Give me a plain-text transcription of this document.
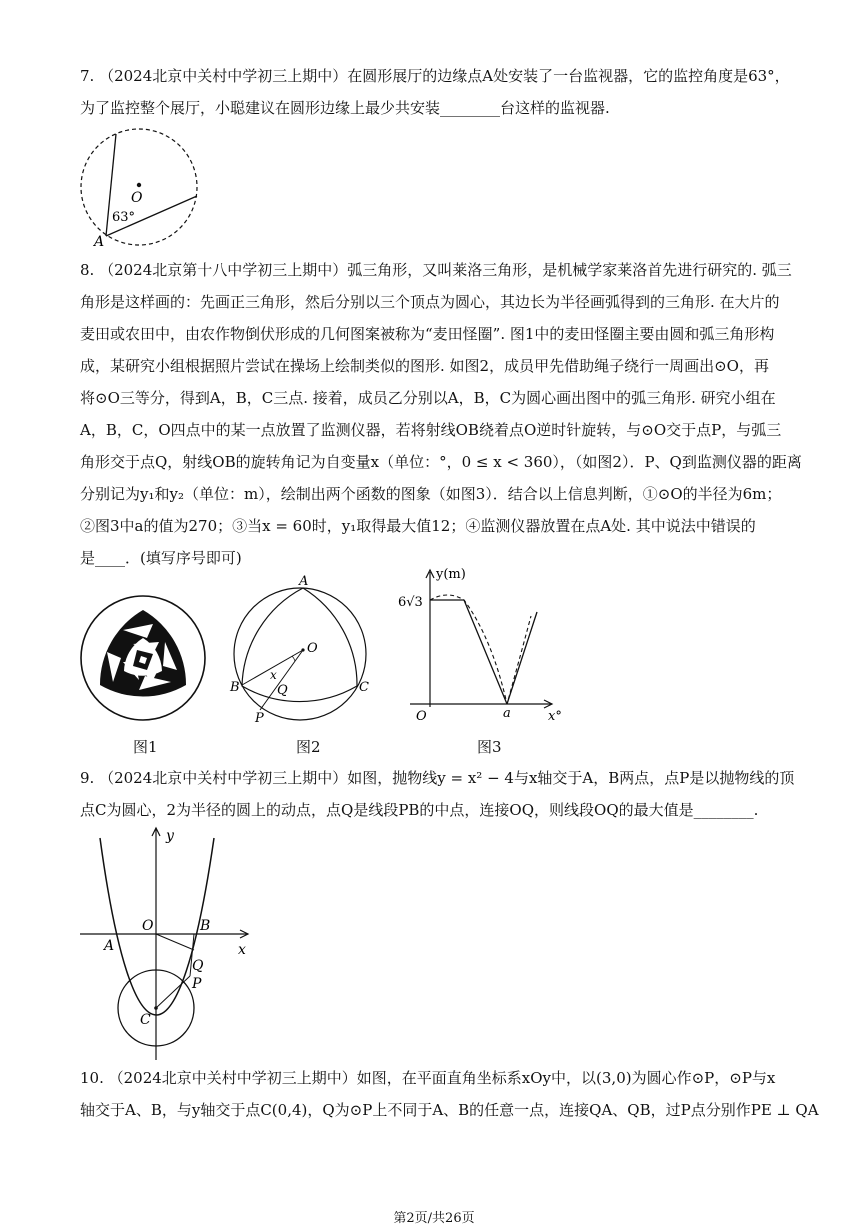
7. （2024北京中关村中学初三上期中）在圆形展厅的边缘点A处安装了一台监视器，它的监控角度是63°，
为了监控整个展厅，小聪建议在圆形边缘上最少共安装________台这样的监视器.
O
63°
A
8. （2024北京第十八中学初三上期中）弧三角形，又叫莱洛三角形，是机械学家莱洛首先进行研究的. 弧三
角形是这样画的：先画正三角形，然后分别以三个顶点为圆心，其边长为半径画弧得到的三角形. 在大片的
麦田或农田中，由农作物倒伏形成的几何图案被称为“麦田怪圈”. 图1中的麦田怪圈主要由圆和弧三角形构
成，某研究小组根据照片尝试在操场上绘制类似的图形. 如图2，成员甲先借助绳子绕行一周画出⊙O，再
将⊙O三等分，得到A，B，C三点. 接着，成员乙分别以A，B，C为圆心画出图中的弧三角形. 研究小组在
A，B，C，O四点中的某一点放置了监测仪器，若将射线OB绕着点O逆时针旋转，与⊙O交于点P，与弧三
角形交于点Q，射线OB的旋转角记为自变量x（单位：°，0 ≤ x < 360），（如图2）．P、Q到监测仪器的距离
分别记为y₁和y₂（单位：m），绘制出两个函数的图象（如图3）．结合以上信息判断，①⊙O的半径为6m；
②图3中a的值为270；③当x = 60时，y₁取得最大值12；④监测仪器放置在点A处. 其中说法中错误的
是____．(填写序号即可)
A
B	C
O
P
Q
x
y(m)
6√3
O	a	x°
图1	图2	图3
9. （2024北京中关村中学初三上期中）如图，抛物线y = x² − 4与x轴交于A，B两点，点P是以抛物线的顶
点C为圆心，2为半径的圆上的动点，点Q是线段PB的中点，连接OQ，则线段OQ的最大值是________.
y
x
O
A
B
C
P
Q
10. （2024北京中关村中学初三上期中）如图，在平面直角坐标系xOy中，以(3,0)为圆心作⊙P，⊙P与x
轴交于A、B，与y轴交于点C(0,4)，Q为⊙P上不同于A、B的任意一点，连接QA、QB，过P点分别作PE ⊥ QA
第2页/共26页
